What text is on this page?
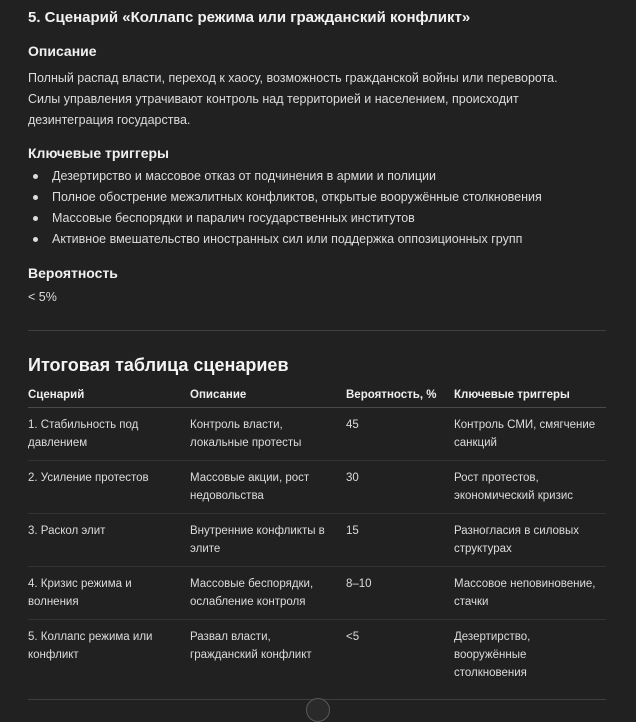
5. Сценарий «Коллапс режима или гражданский конфликт»
Описание

Полный распад власти, переход к хаосу, возможность гражданской войны или переворота. Силы управления утрачивают контроль над территорией и населением, происходит дезинтеграция государства.

Ключевые триггеры
Дезертирство и массовое отказ от подчинения в армии и полиции
Полное обострение межэлитных конфликтов, открытые вооружённые столкновения
Массовые беспорядки и паралич государственных институтов
Активное вмешательство иностранных сил или поддержка оппозиционных групп
Вероятность
< 5%
Итоговая таблица сценариев
Сценарий	Описание	Вероятность, %	Ключевые триггеры
1. Стабильность под давлением	Контроль власти, локальные протесты	45	Контроль СМИ, смягчение санкций
2. Усиление протестов	Массовые акции, рост недовольства	30	Рост протестов, экономический кризис
3. Раскол элит	Внутренние конфликты в элите	15	Разногласия в силовых структурах
4. Кризис режима и волнения	Массовые беспорядки, ослабление контроля	8–10	Массовое неповиновение, стачки
5. Коллапс режима или конфликт	Развал власти, гражданский конфликт	<5	Дезертирство, вооружённые столкновения
